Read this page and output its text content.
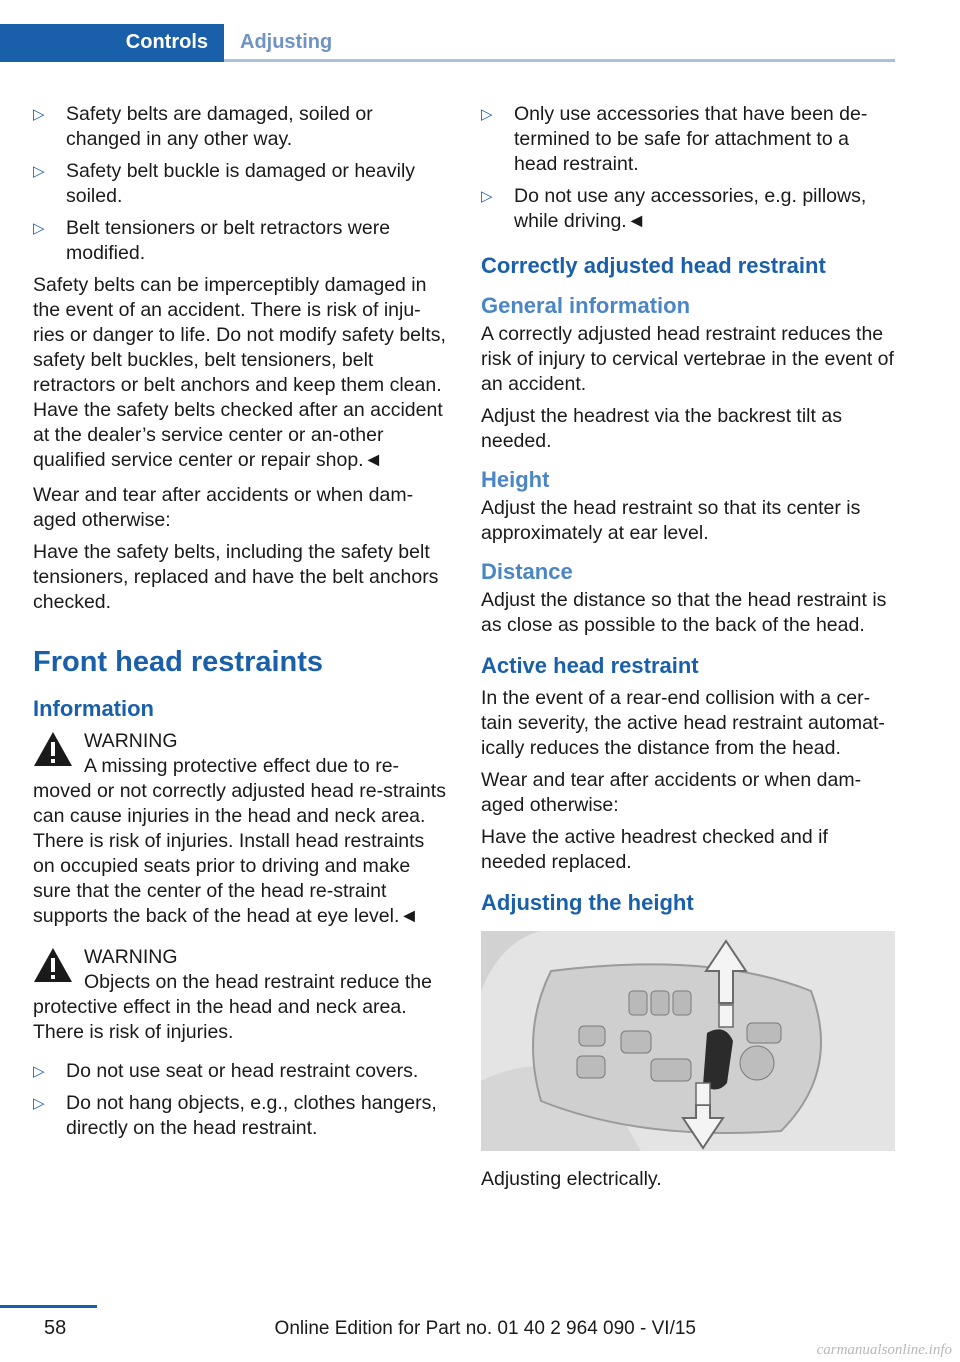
Controls	Adjusting
▷ Safety belts are damaged, soiled or changed in any other way.
▷ Safety belt buckle is damaged or heavily soiled.
▷ Belt tensioners or belt retractors were modified.

Safety belts can be imperceptibly damaged in the event of an accident. There is risk of inju-ries or danger to life. Do not modify safety belts, safety belt buckles, belt tensioners, belt retractors or belt anchors and keep them clean. Have the safety belts checked after an accident at the dealer’s service center or an-other qualified service center or repair shop.◄

Wear and tear after accidents or when dam-aged otherwise:

Have the safety belts, including the safety belt tensioners, replaced and have the belt anchors checked.

Front head restraints
Information
WARNING
A missing protective effect due to re-
moved or not correctly adjusted head re-straints can cause injuries in the head and neck area. There is risk of injuries. Install head restraints on occupied seats prior to driving and make sure that the center of the head re-straint supports the back of the head at eye level.◄
WARNING
Objects on the head restraint reduce the
protective effect in the head and neck area. There is risk of injuries.
▷ Do not use seat or head restraint covers.
▷ Do not hang objects, e.g., clothes hangers, directly on the head restraint.
▷ Only use accessories that have been de-termined to be safe for attachment to a head restraint.
▷ Do not use any accessories, e.g. pillows, while driving.◄
Correctly adjusted head restraint
General information

A correctly adjusted head restraint reduces the risk of injury to cervical vertebrae in the event of an accident.

Adjust the headrest via the backrest tilt as needed.

Height

Adjust the head restraint so that its center is approximately at ear level.

Distance

Adjust the distance so that the head restraint is as close as possible to the back of the head.

Active head restraint

In the event of a rear-end collision with a cer-tain severity, the active head restraint automat-ically reduces the distance from the head.

Wear and tear after accidents or when dam-aged otherwise:

Have the active headrest checked and if needed replaced.

Adjusting the height

Adjusting electrically.

58	Online Edition for Part no. 01 40 2 964 090 - VI/15
carmanualsonline.info
